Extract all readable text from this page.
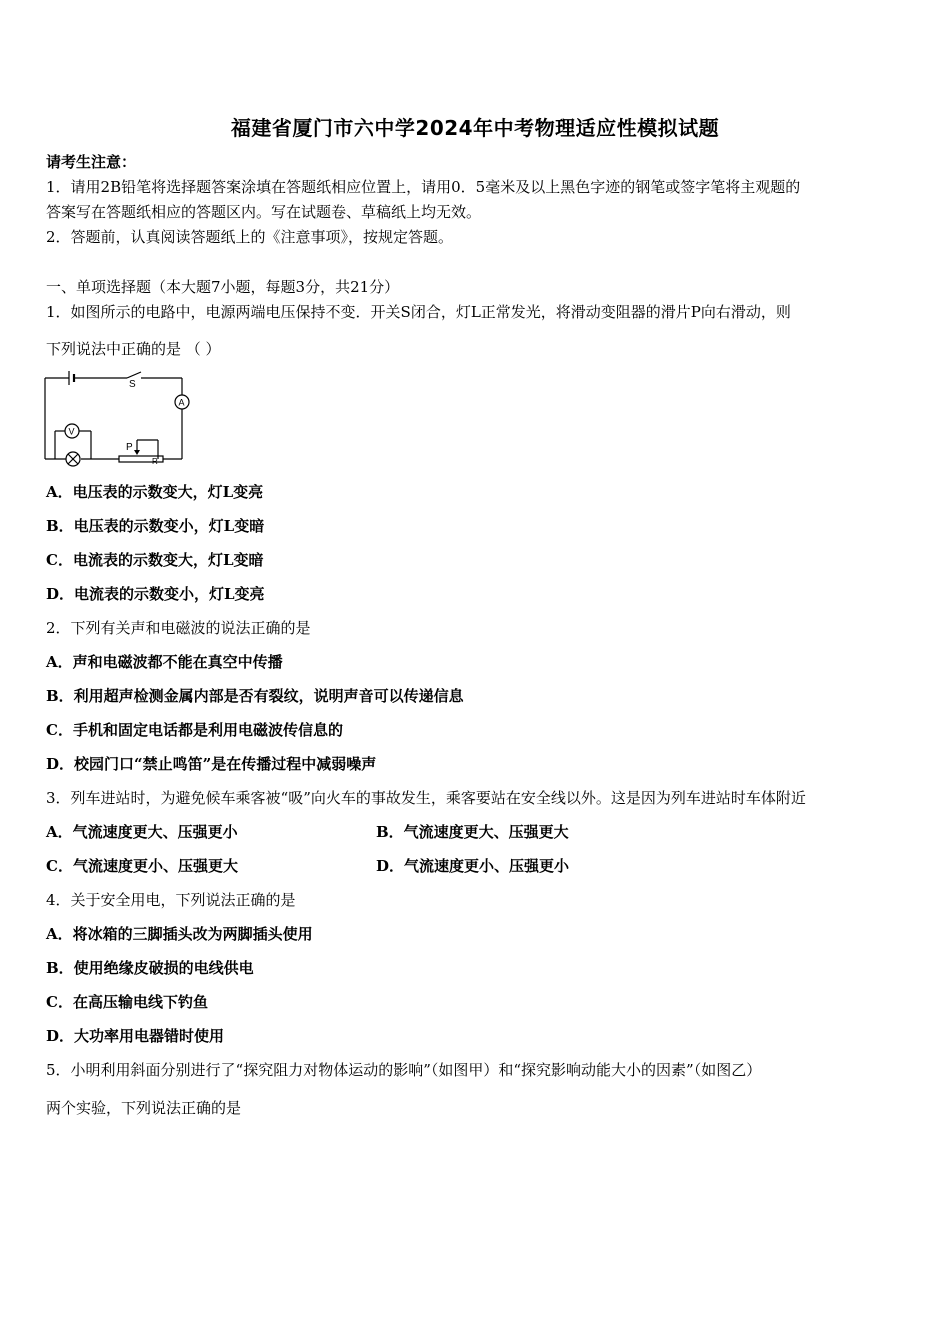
福建省厦门市六中学2024年中考物理适应性模拟试题
请考生注意：
1．请用2B铅笔将选择题答案涂填在答题纸相应位置上，请用0．5毫米及以上黑色字迹的钢笔或签字笔将主观题的
答案写在答题纸相应的答题区内。写在试题卷、草稿纸上均无效。
2．答题前，认真阅读答题纸上的《注意事项》，按规定答题。
一、单项选择题（本大题7小题，每题3分，共21分）
1．如图所示的电路中，电源两端电压保持不变．开关S闭合，灯L正常发光，将滑动变阻器的滑片P向右滑动，则
下列说法中正确的是 （ ）
S
A
V
P
R
A．电压表的示数变大，灯L变亮
B．电压表的示数变小，灯L变暗
C．电流表的示数变大，灯L变暗
D．电流表的示数变小，灯L变亮
2．下列有关声和电磁波的说法正确的是
A．声和电磁波都不能在真空中传播
B．利用超声检测金属内部是否有裂纹，说明声音可以传递信息
C．手机和固定电话都是利用电磁波传信息的
D．校园门口“禁止鸣笛”是在传播过程中减弱噪声
3．列车进站时，为避免候车乘客被“吸”向火车的事故发生，乘客要站在安全线以外。这是因为列车进站时车体附近
A．气流速度更大、压强更小	B．气流速度更大、压强更大
C．气流速度更小、压强更大	D．气流速度更小、压强更小
4．关于安全用电，下列说法正确的是
A．将冰箱的三脚插头改为两脚插头使用
B．使用绝缘皮破损的电线供电
C．在高压输电线下钓鱼
D．大功率用电器错时使用
5．小明利用斜面分别进行了“探究阻力对物体运动的影响”（如图甲）和“探究影响动能大小的因素”（如图乙）
两个实验，下列说法正确的是
